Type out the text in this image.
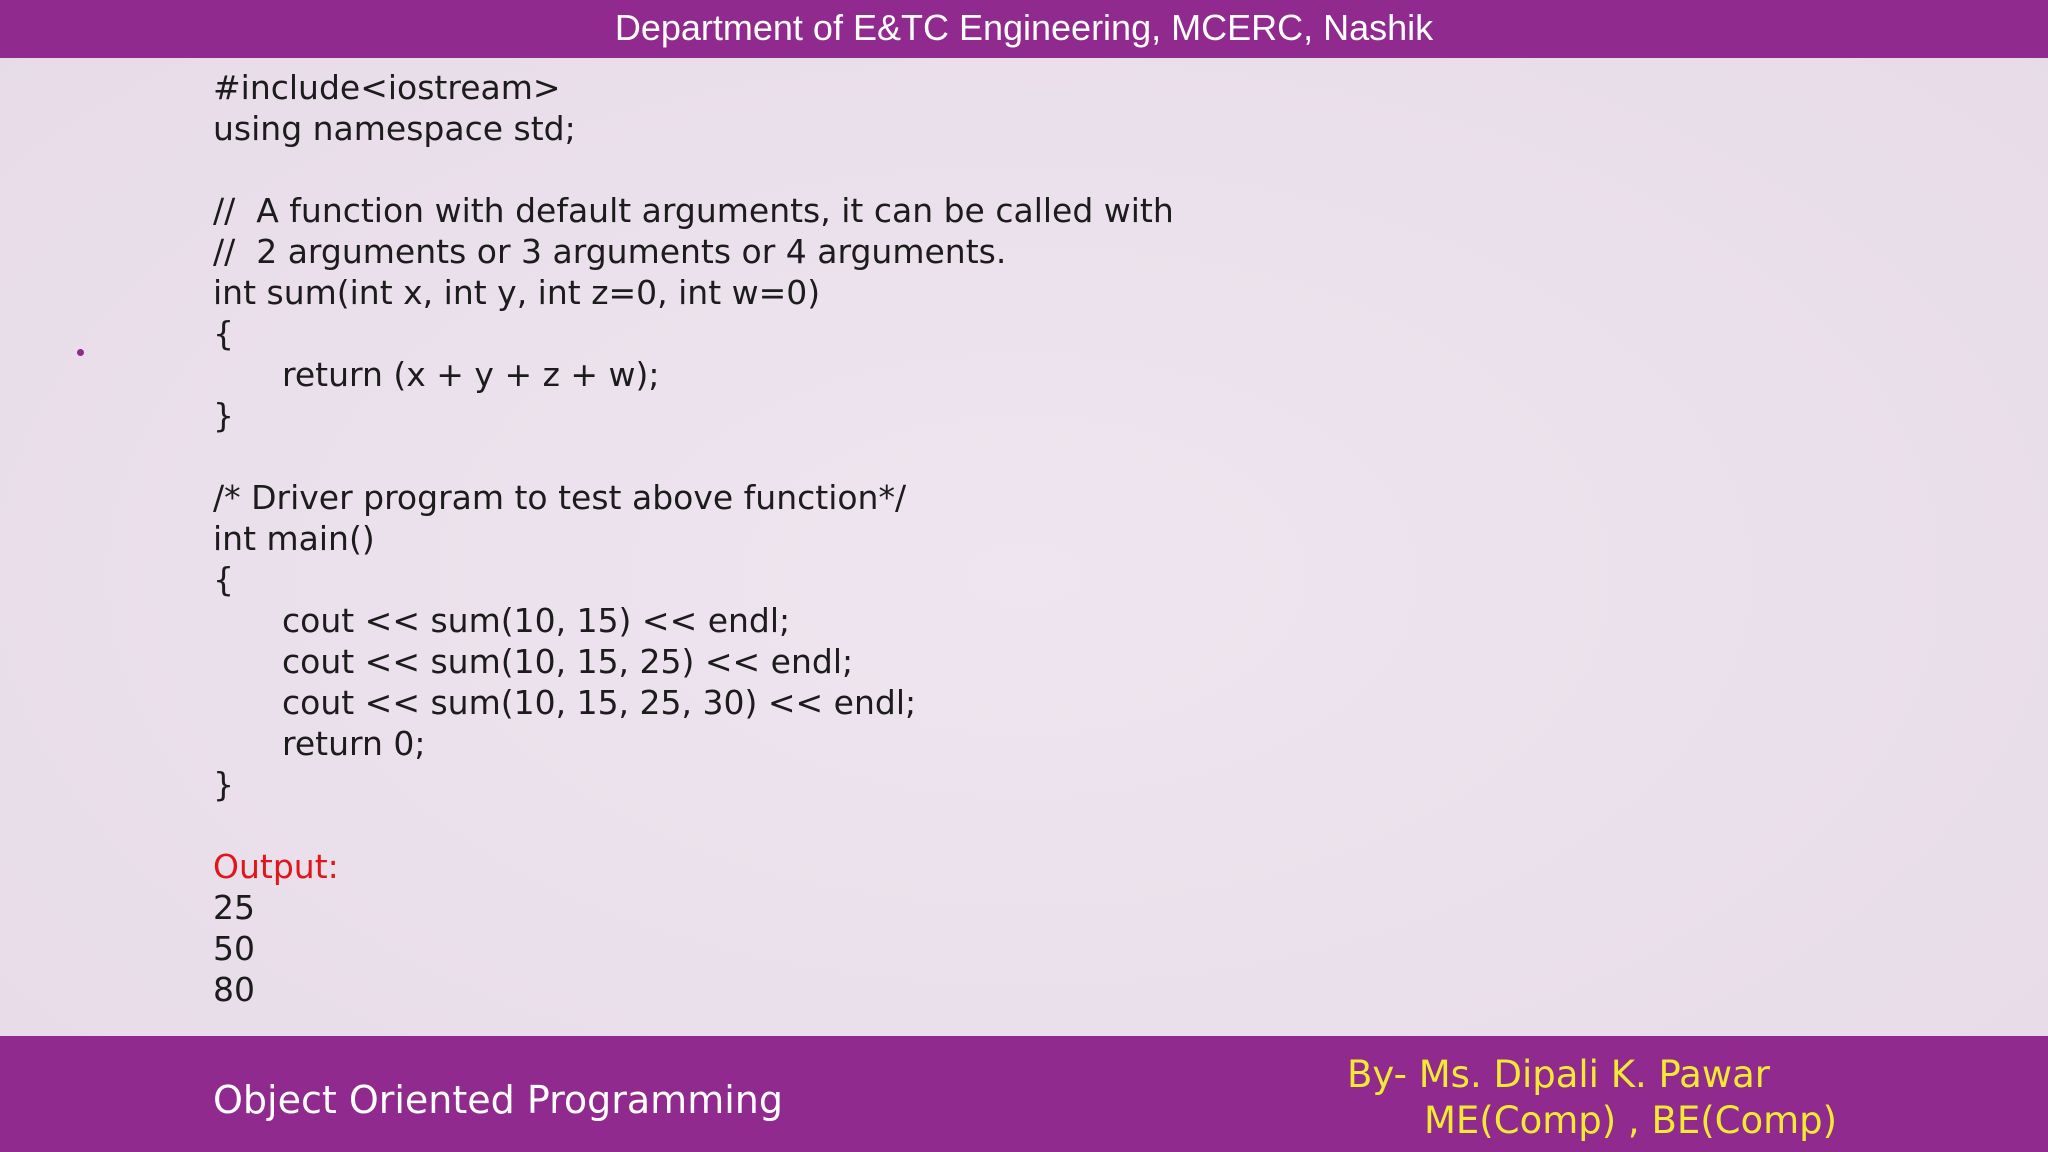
Department of E&TC Engineering, MCERC, Nashik
#include<iostream>
using namespace std;
//  A function with default arguments, it can be called with
//  2 arguments or 3 arguments or 4 arguments.
int sum(int x, int y, int z=0, int w=0)
{
return (x + y + z + w);
}
/* Driver program to test above function*/
int main()
{
cout << sum(10, 15) << endl;
cout << sum(10, 15, 25) << endl;
cout << sum(10, 15, 25, 30) << endl;
return 0;
}
Output:
25
50
80
Object Oriented Programming
By- Ms. Dipali K. Pawar
ME(Comp) , BE(Comp)
